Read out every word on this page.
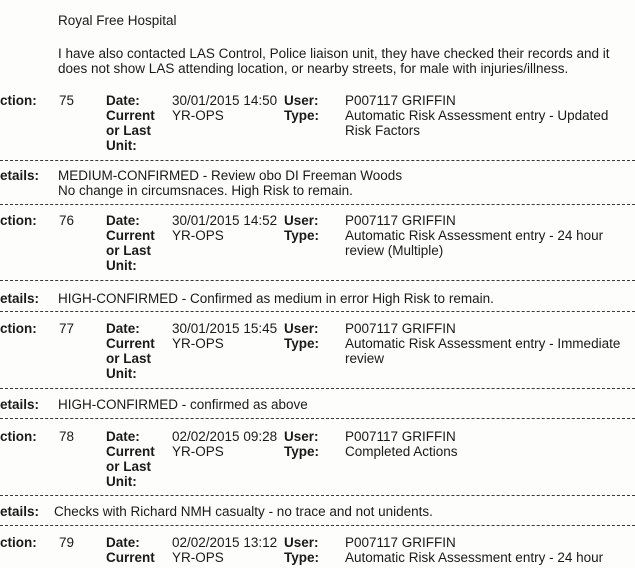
Royal Free Hospital
I have also contacted LAS Control, Police liaison unit, they have checked their records and it does not show LAS attending location, or nearby streets, for male with injuries/illness.
ction: 75 Date:
Current
or Last
Unit:
30/01/2015 14:50
YR-OPS
User:
Type:
P007117 GRIFFIN
Automatic Risk Assessment entry - Updated
Risk Factors
etails: MEDIUM-CONFIRMED - Review obo DI Freeman Woods
No change in circumsnaces. High Risk to remain.
ction: 76 Date:
Current
or Last
Unit:
30/01/2015 14:52
YR-OPS
User:
Type:
P007117 GRIFFIN
Automatic Risk Assessment entry - 24 hour
review (Multiple)
etails: HIGH-CONFIRMED - Confirmed as medium in error High Risk to remain.
ction: 77 Date:
Current
or Last
Unit:
30/01/2015 15:45
YR-OPS
User:
Type:
P007117 GRIFFIN
Automatic Risk Assessment entry - Immediate
review
etails: HIGH-CONFIRMED - confirmed as above
ction: 78 Date:
Current
or Last
Unit:
02/02/2015 09:28
YR-OPS
User:
Type:
P007117 GRIFFIN
Completed Actions
etails: Checks with Richard NMH casualty - no trace and not unidents.
ction: 79 Date:
Current
02/02/2015 13:12
YR-OPS
User:
Type:
P007117 GRIFFIN
Automatic Risk Assessment entry - 24 hour
